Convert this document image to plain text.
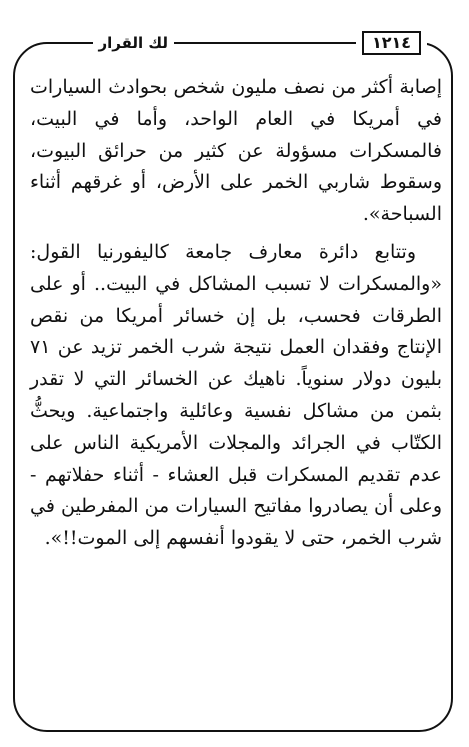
لك القرار	١٢١٤

إصابة أكثر من نصف مليون شخص بحوادث السيارات في أمريكا في العام الواحد، وأما في البيت، فالمسكرات مسؤولة عن كثير من حرائق البيوت، وسقوط شاربي الخمر على الأرض، أو غرقهم أثناء السباحة».

وتتابع دائرة معارف جامعة كاليفورنيا القول: «والمسكرات لا تسبب المشاكل في البيت.. أو على الطرقات فحسب، بل إن خسائر أمريكا من نقص الإنتاج وفقدان العمل نتيجة شرب الخمر تزيد عن ٧١ بليون دولار سنوياً. ناهيك عن الخسائر التي لا تقدر بثمن من مشاكل نفسية وعائلية واجتماعية. ويحثُّ الكتّاب في الجرائد والمجلات الأمريكية الناس على عدم تقديم المسكرات قبل العشاء - أثناء حفلاتهم - وعلى أن يصادروا مفاتيح السيارات من المفرطين في شرب الخمر، حتى لا يقودوا أنفسهم إلى الموت!!».
